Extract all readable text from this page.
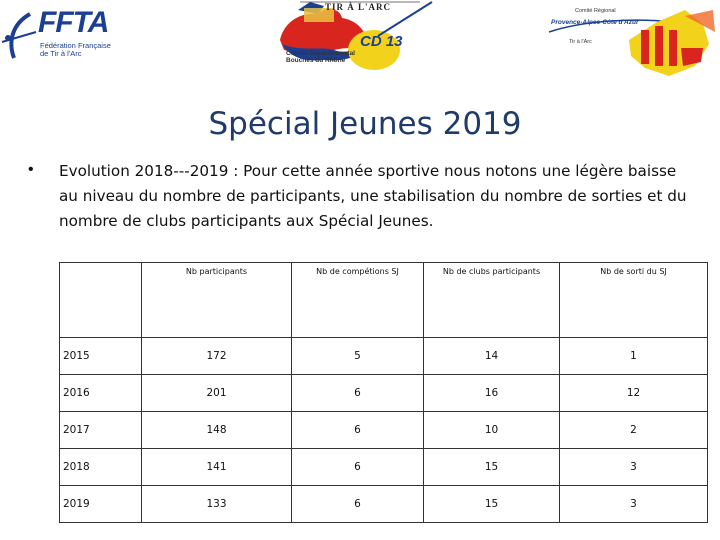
FFTA
Fédération Française de Tir à l'Arc
TIR À L'ARC
Comité Départemental Bouches du Rhône
CD 13
Comité Régional
Provence-Alpes-Côte d'Azur
Tir à l'Arc
Spécial Jeunes 2019
• Evolution 2018---2019 : Pour cette année sportive nous notons une légère baisse au niveau du nombre de participants, une stabilisation du nombre de sorties et du nombre de clubs participants aux Spécial Jeunes.
	Nb participants	Nb de compétions SJ	Nb de clubs participants	Nb de sorti du SJ
2015	172	5	14	1
2016	201	6	16	12
2017	148	6	10	2
2018	141	6	15	3
2019	133	6	15	3
